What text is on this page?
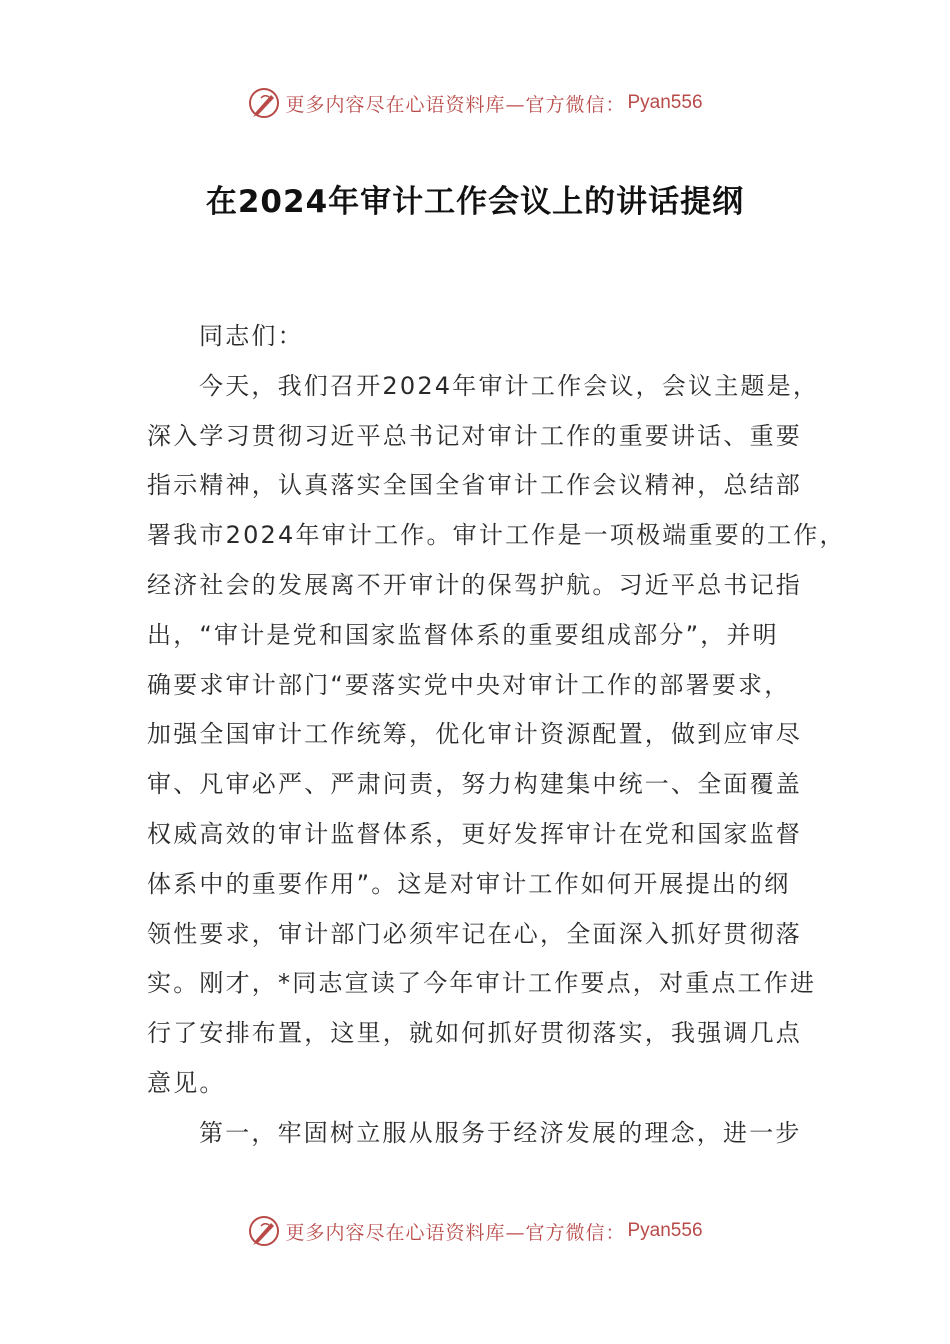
更多内容尽在心语资料库—官方微信： Pyan556
在2024年审计工作会议上的讲话提纲
同志们：
今天，我们召开2024年审计工作会议，会议主题是，
深入学习贯彻习近平总书记对审计工作的重要讲话、重要
指示精神，认真落实全国全省审计工作会议精神，总结部
署我市2024年审计工作。审计工作是一项极端重要的工作，
经济社会的发展离不开审计的保驾护航。习近平总书记指
出，“审计是党和国家监督体系的重要组成部分”，并明
确要求审计部门“要落实党中央对审计工作的部署要求，
加强全国审计工作统筹，优化审计资源配置，做到应审尽
审、凡审必严、严肃问责，努力构建集中统一、全面覆盖
权威高效的审计监督体系，更好发挥审计在党和国家监督
体系中的重要作用”。这是对审计工作如何开展提出的纲
领性要求，审计部门必须牢记在心，全面深入抓好贯彻落
实。刚才，*同志宣读了今年审计工作要点，对重点工作进
行了安排布置，这里，就如何抓好贯彻落实，我强调几点
意见。
第一，牢固树立服从服务于经济发展的理念，进一步
更多内容尽在心语资料库—官方微信： Pyan556
